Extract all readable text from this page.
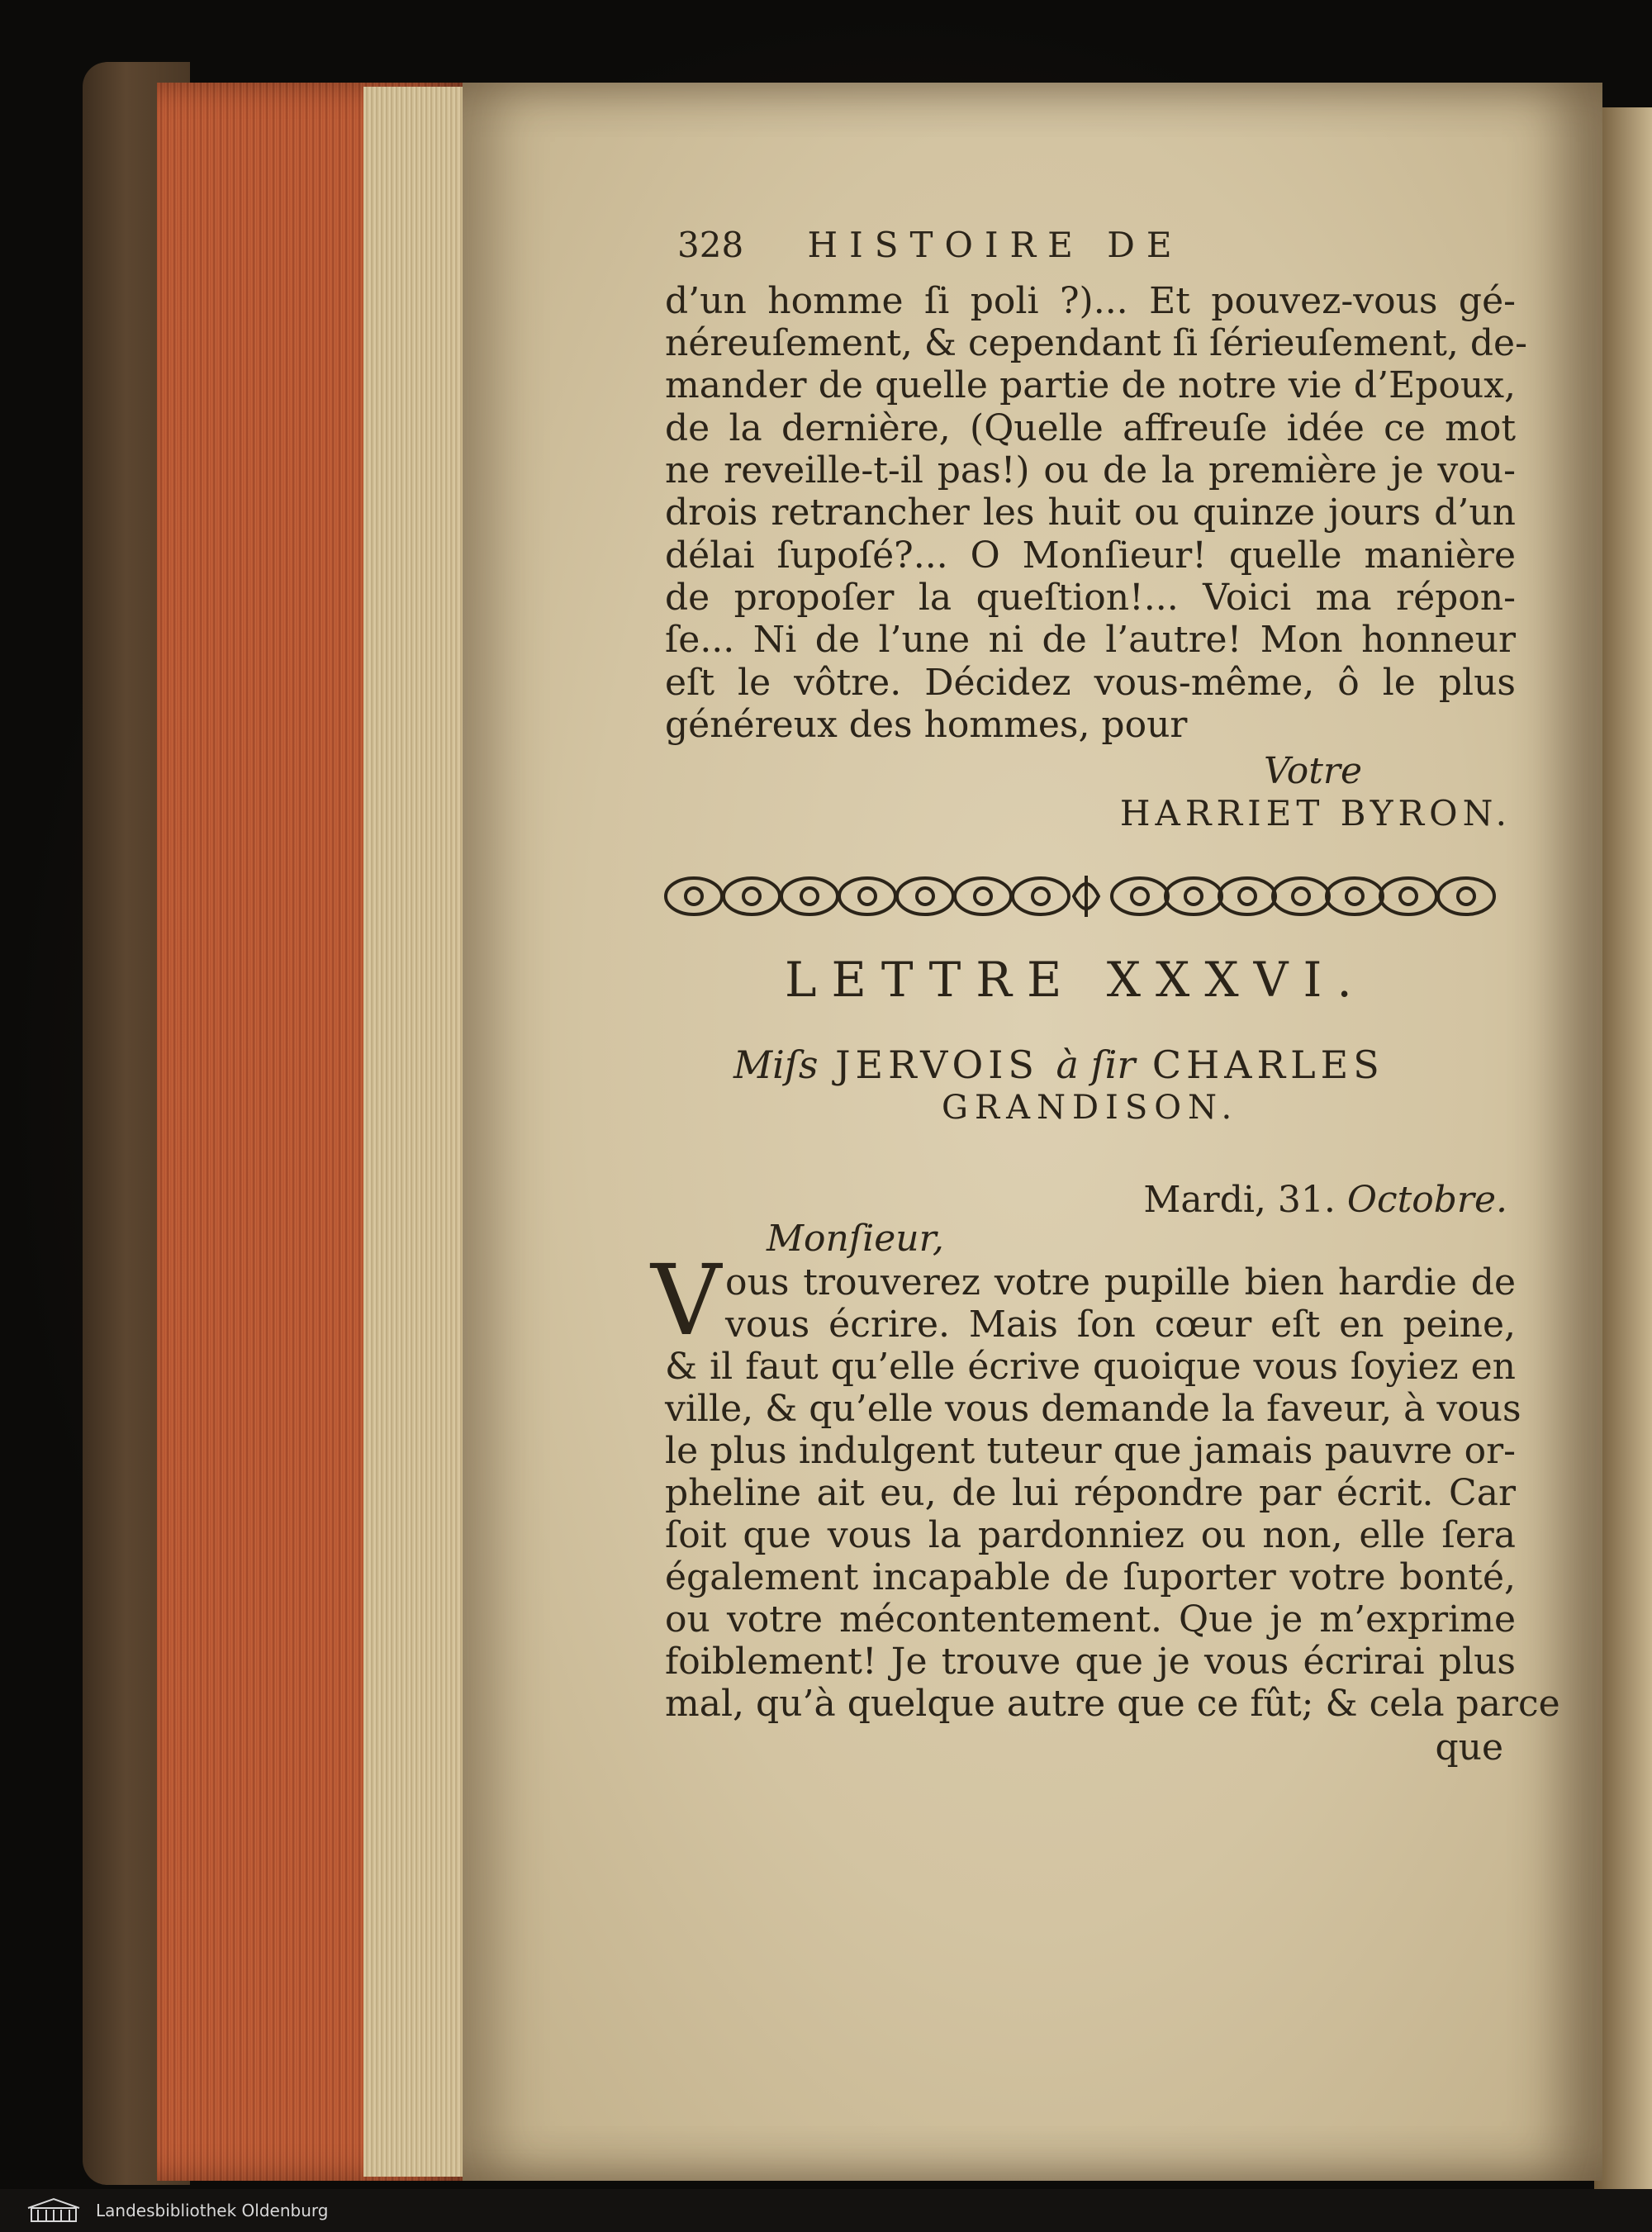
328 HISTOIRE DE
d’un homme ſi poli ?)... Et pouvez-vous gé-
néreuſement, & cependant ſi ſérieuſement, de-
mander de quelle partie de notre vie d’Epoux,
de la dernière, (Quelle affreuſe idée ce mot
ne reveille-t-il pas!) ou de la première je vou-
drois retrancher les huit ou quinze jours d’un
délai ſupoſé?... O Monſieur! quelle manière
de propoſer la queſtion!... Voici ma répon-
ſe... Ni de l’une ni de l’autre! Mon honneur
eſt le vôtre. Décidez vous-même, ô le plus
généreux des hommes, pour
Votre
HARRIET BYRON.
LETTRE XXXVI.
Miſs JERVOIS à ſir CHARLES
GRANDISON.
Mardi, 31. Octobre.
Monſieur,
V ous trouverez votre pupille bien hardie de
vous écrire. Mais ſon cœur eſt en peine,
& il faut qu’elle écrive quoique vous ſoyiez en
ville, & qu’elle vous demande la faveur, à vous
le plus indulgent tuteur que jamais pauvre or-
pheline ait eu, de lui répondre par écrit. Car
ſoit que vous la pardonniez ou non, elle ſera
également incapable de ſuporter votre bonté,
ou votre mécontentement. Que je m’exprime
foiblement! Je trouve que je vous écrirai plus
mal, qu’à quelque autre que ce fût; & cela parce
que
Landesbibliothek Oldenburg
